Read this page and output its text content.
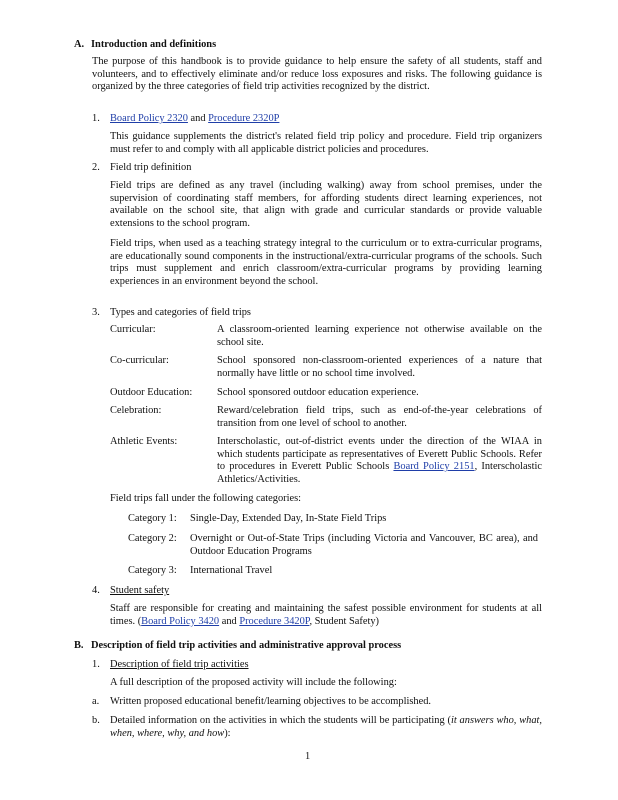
A. Introduction and definitions
The purpose of this handbook is to provide guidance to help ensure the safety of all students, staff and volunteers, and to effectively eliminate and/or reduce loss exposures and risks. The following guidance is organized by the three categories of field trip activities recognized by the district.
1. Board Policy 2320 and Procedure 2320P
This guidance supplements the district's related field trip policy and procedure. Field trip organizers must refer to and comply with all applicable district policies and procedures.
2. Field trip definition
Field trips are defined as any travel (including walking) away from school premises, under the supervision of coordinating staff members, for affording students direct learning experiences, not available on the school site, that align with grade and curricular standards or provide valuable extensions to the school program.
Field trips, when used as a teaching strategy integral to the curriculum or to extra-curricular programs, are educationally sound components in the instructional/extra-curricular programs of the schools. Such trips must supplement and enrich classroom/extra-curricular programs by providing learning experiences in an environment beyond the school.
3. Types and categories of field trips
Curricular:	A classroom-oriented learning experience not otherwise available on the school site.
Co-curricular:	School sponsored non-classroom-oriented experiences of a nature that normally have little or no school time involved.
Outdoor Education: School sponsored outdoor education experience.
Celebration:	Reward/celebration field trips, such as end-of-the-year celebrations of transition from one level of school to another.
Athletic Events:	Interscholastic, out-of-district events under the direction of the WIAA in which students participate as representatives of Everett Public Schools. Refer to procedures in Everett Public Schools Board Policy 2151, Interscholastic Athletics/Activities.
Field trips fall under the following categories:
Category 1: Single-Day, Extended Day, In-State Field Trips
Category 2: Overnight or Out-of-State Trips (including Victoria and Vancouver, BC area), and Outdoor Education Programs
Category 3: International Travel
4. Student safety
Staff are responsible for creating and maintaining the safest possible environment for students at all times. (Board Policy 3420 and Procedure 3420P, Student Safety)
B. Description of field trip activities and administrative approval process
1. Description of field trip activities
A full description of the proposed activity will include the following:
a. Written proposed educational benefit/learning objectives to be accomplished.
b. Detailed information on the activities in which the students will be participating (it answers who, what, when, where, why, and how):
1
